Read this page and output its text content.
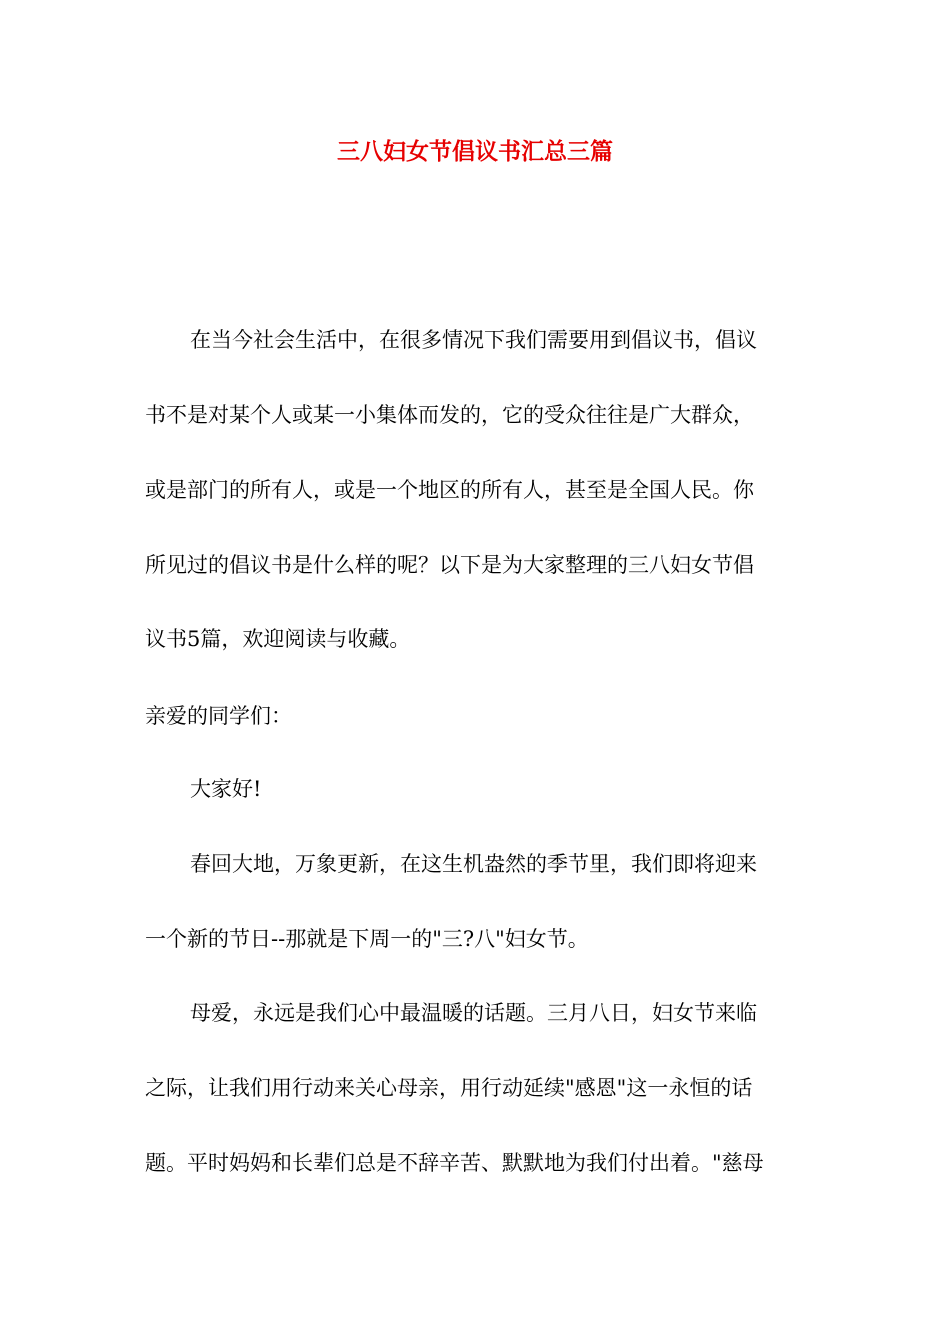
三八妇女节倡议书汇总三篇

在当今社会生活中，在很多情况下我们需要用到倡议书，倡议

书不是对某个人或某一小集体而发的，它的受众往往是广大群众，

或是部门的所有人，或是一个地区的所有人，甚至是全国人民。你

所见过的倡议书是什么样的呢？以下是为大家整理的三八妇女节倡

议书5篇，欢迎阅读与收藏。

亲爱的同学们：

大家好!

春回大地，万象更新，在这生机盎然的季节里，我们即将迎来

一个新的节日--那就是下周一的"三?八"妇女节。

母爱，永远是我们心中最温暖的话题。三月八日，妇女节来临

之际，让我们用行动来关心母亲，用行动延续"感恩"这一永恒的话

题。平时妈妈和长辈们总是不辞辛苦、默默地为我们付出着。"慈母
